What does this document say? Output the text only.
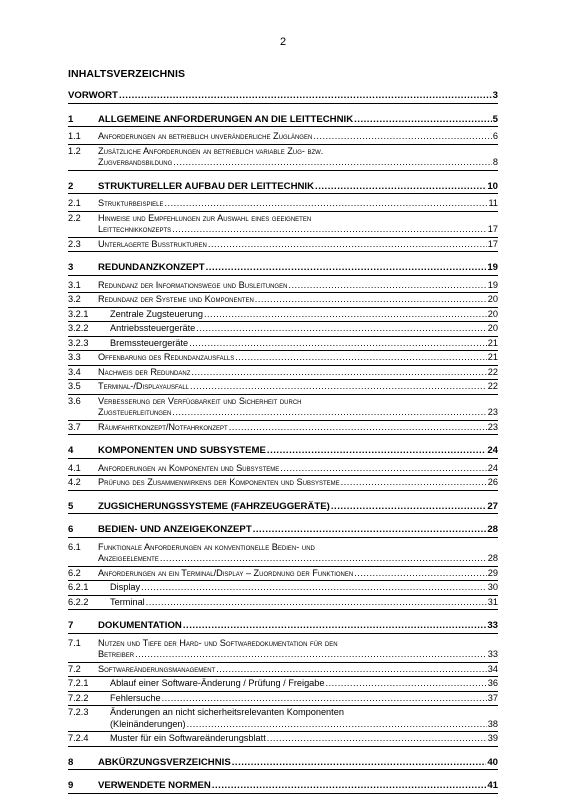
2
INHALTSVERZEICHNIS
VORWORT .....	3
1	ALLGEMEINE ANFORDERUNGEN AN DIE LEITTECHNIK .....	5
1.1	Anforderungen an betrieblich unveränderliche Zuglängen .....	6
1.2	Zusätzliche Anforderungen an betrieblich variable Zug- bzw.
Zugverbandsbildung .....	8
2	STRUKTURELLER AUFBAU DER LEITTECHNIK .....	10
2.1	Strukturbeispiele .....	11
2.2	Hinweise und Empfehlungen zur Auswahl eines geeigneten
Leittechnikkonzepts .....	17
2.3	Unterlagerte Busstrukturen .....	17
3	REDUNDANZKONZEPT .....	19
3.1	Redundanz der Informationswege und Busleitungen .....	19
3.2	Redundanz der Systeme und Komponenten .....	20
3.2.1	Zentrale Zugsteuerung .....	20
3.2.2	Antriebssteuergeräte .....	20
3.2.3	Bremssteuergeräte .....	21
3.3	Offenbarung des Redundanzausfalls .....	21
3.4	Nachweis der Redundanz .....	22
3.5	Terminal-/Displayausfall .....	22
3.6	Verbesserung der Verfügbarkeit und Sicherheit durch
Zugsteuerleitungen .....	23
3.7	Räumfahrtkonzept/Notfahrkonzept .....	23
4	KOMPONENTEN UND SUBSYSTEME .....	24
4.1	Anforderungen an Komponenten und Subsysteme .....	24
4.2	Prüfung des Zusammenwirkens der Komponenten und Subsysteme .....	26
5	ZUGSICHERUNGSSYSTEME (FAHRZEUGGERÄTE) .....	27
6	BEDIEN- UND ANZEIGEKONZEPT .....	28
6.1	Funktionale Anforderungen an konventionelle Bedien- und
Anzeigeelemente .....	28
6.2	Anforderungen an ein Terminal/Display – Zuordnung der Funktionen .....	29
6.2.1	Display .....	30
6.2.2	Terminal .....	31
7	DOKUMENTATION .....	33
7.1	Nutzen und Tiefe der Hard- und Softwaredokumentation für den
Betreiber .....	33
7.2	Softwareänderungsmanagement .....	34
7.2.1	Ablauf einer Software-Änderung / Prüfung / Freigabe .....	36
7.2.2	Fehlersuche .....	37
7.2.3	Änderungen an nicht sicherheitsrelevanten Komponenten
(Kleinänderungen) .....	38
7.2.4	Muster für ein Softwareänderungsblatt .....	39
8	ABKÜRZUNGSVERZEICHNIS .....	40
9	VERWENDETE NORMEN .....	41
